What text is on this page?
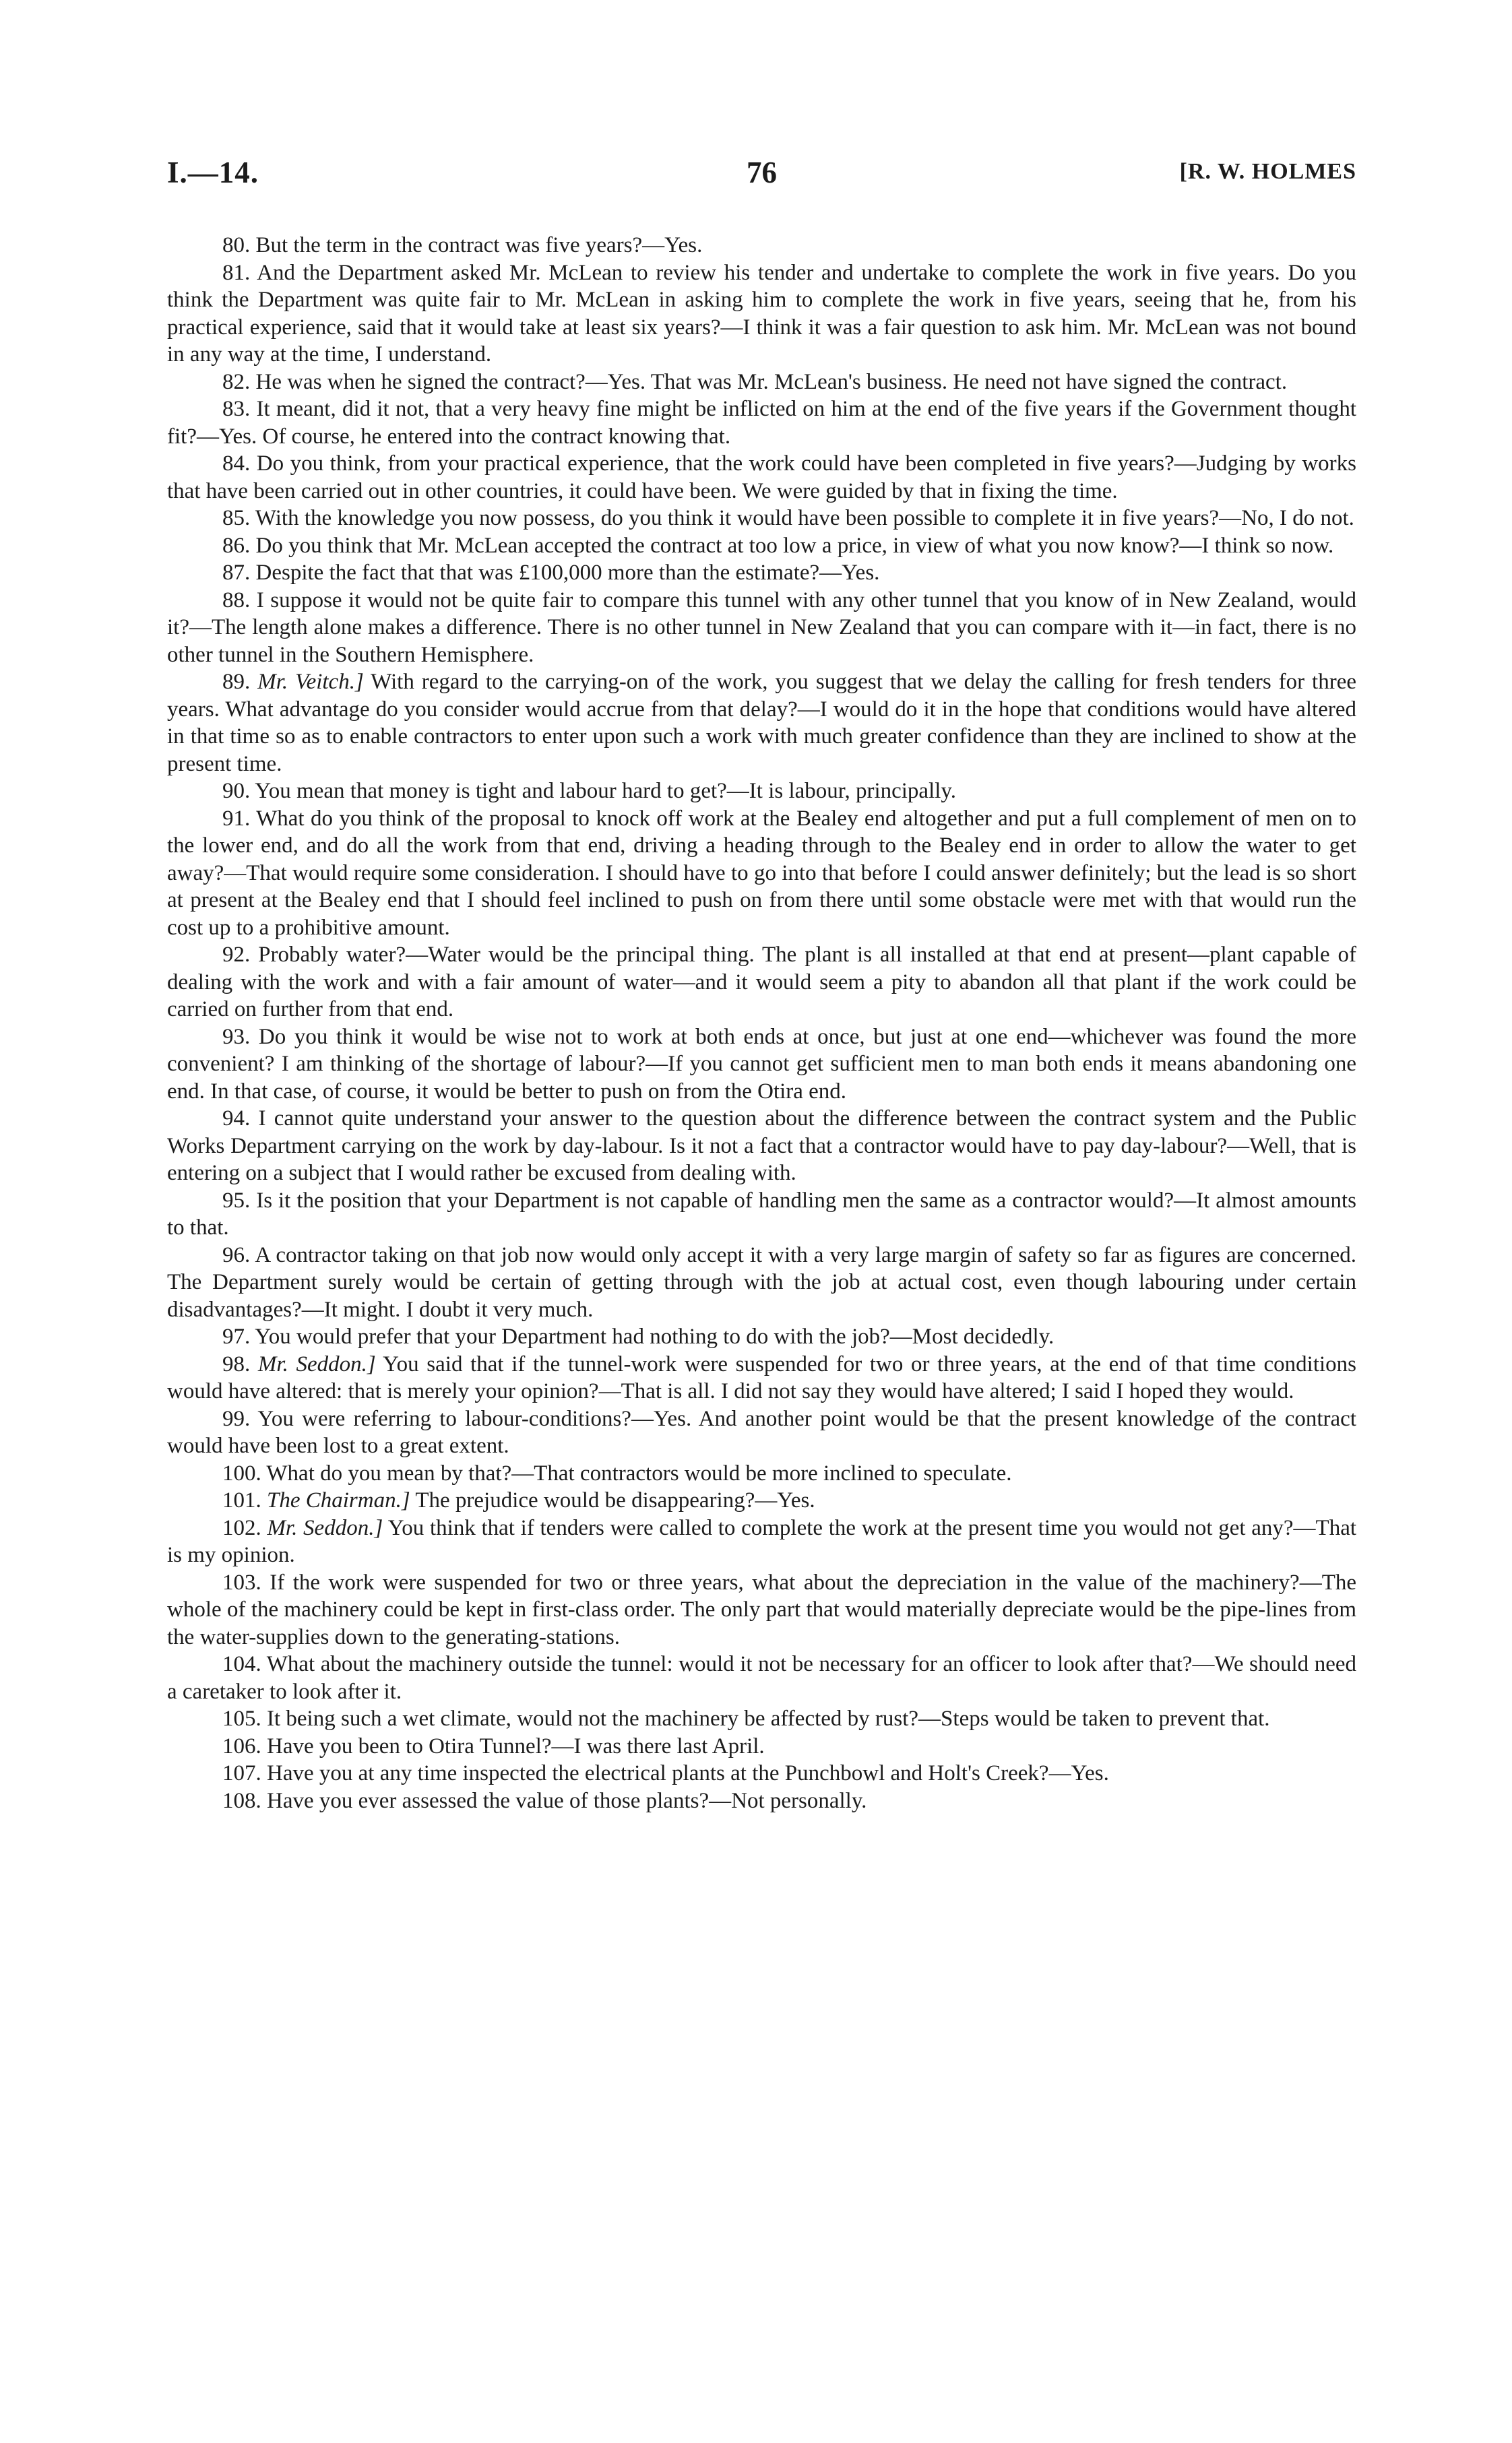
I.—14.	76	[R. W. HOLMES

80. But the term in the contract was five years?—Yes.

81. And the Department asked Mr. McLean to review his tender and undertake to complete the work in five years. Do you think the Department was quite fair to Mr. McLean in asking him to complete the work in five years, seeing that he, from his practical experience, said that it would take at least six years?—I think it was a fair question to ask him. Mr. McLean was not bound in any way at the time, I understand.

82. He was when he signed the contract?—Yes. That was Mr. McLean's business. He need not have signed the contract.

83. It meant, did it not, that a very heavy fine might be inflicted on him at the end of the five years if the Government thought fit?—Yes. Of course, he entered into the contract knowing that.

84. Do you think, from your practical experience, that the work could have been completed in five years?—Judging by works that have been carried out in other countries, it could have been. We were guided by that in fixing the time.

85. With the knowledge you now possess, do you think it would have been possible to complete it in five years?—No, I do not.

86. Do you think that Mr. McLean accepted the contract at too low a price, in view of what you now know?—I think so now.

87. Despite the fact that that was £100,000 more than the estimate?—Yes.

88. I suppose it would not be quite fair to compare this tunnel with any other tunnel that you know of in New Zealand, would it?—The length alone makes a difference. There is no other tunnel in New Zealand that you can compare with it—in fact, there is no other tunnel in the Southern Hemisphere.

89. Mr. Veitch.] With regard to the carrying-on of the work, you suggest that we delay the calling for fresh tenders for three years. What advantage do you consider would accrue from that delay?—I would do it in the hope that conditions would have altered in that time so as to enable contractors to enter upon such a work with much greater confidence than they are inclined to show at the present time.

90. You mean that money is tight and labour hard to get?—It is labour, principally.

91. What do you think of the proposal to knock off work at the Bealey end altogether and put a full complement of men on to the lower end, and do all the work from that end, driving a heading through to the Bealey end in order to allow the water to get away?—That would require some consideration. I should have to go into that before I could answer definitely; but the lead is so short at present at the Bealey end that I should feel inclined to push on from there until some obstacle were met with that would run the cost up to a prohibitive amount.

92. Probably water?—Water would be the principal thing. The plant is all installed at that end at present—plant capable of dealing with the work and with a fair amount of water—and it would seem a pity to abandon all that plant if the work could be carried on further from that end.

93. Do you think it would be wise not to work at both ends at once, but just at one end—whichever was found the more convenient? I am thinking of the shortage of labour?—If you cannot get sufficient men to man both ends it means abandoning one end. In that case, of course, it would be better to push on from the Otira end.

94. I cannot quite understand your answer to the question about the difference between the contract system and the Public Works Department carrying on the work by day-labour. Is it not a fact that a contractor would have to pay day-labour?—Well, that is entering on a subject that I would rather be excused from dealing with.

95. Is it the position that your Department is not capable of handling men the same as a contractor would?—It almost amounts to that.

96. A contractor taking on that job now would only accept it with a very large margin of safety so far as figures are concerned. The Department surely would be certain of getting through with the job at actual cost, even though labouring under certain disadvantages?—It might. I doubt it very much.

97. You would prefer that your Department had nothing to do with the job?—Most decidedly.

98. Mr. Seddon.] You said that if the tunnel-work were suspended for two or three years, at the end of that time conditions would have altered: that is merely your opinion?—That is all. I did not say they would have altered; I said I hoped they would.

99. You were referring to labour-conditions?—Yes. And another point would be that the present knowledge of the contract would have been lost to a great extent.

100. What do you mean by that?—That contractors would be more inclined to speculate.

101. The Chairman.] The prejudice would be disappearing?—Yes.

102. Mr. Seddon.] You think that if tenders were called to complete the work at the present time you would not get any?—That is my opinion.

103. If the work were suspended for two or three years, what about the depreciation in the value of the machinery?—The whole of the machinery could be kept in first-class order. The only part that would materially depreciate would be the pipe-lines from the water-supplies down to the generating-stations.

104. What about the machinery outside the tunnel: would it not be necessary for an officer to look after that?—We should need a caretaker to look after it.

105. It being such a wet climate, would not the machinery be affected by rust?—Steps would be taken to prevent that.

106. Have you been to Otira Tunnel?—I was there last April.

107. Have you at any time inspected the electrical plants at the Punchbowl and Holt's Creek?—Yes.

108. Have you ever assessed the value of those plants?—Not personally.
